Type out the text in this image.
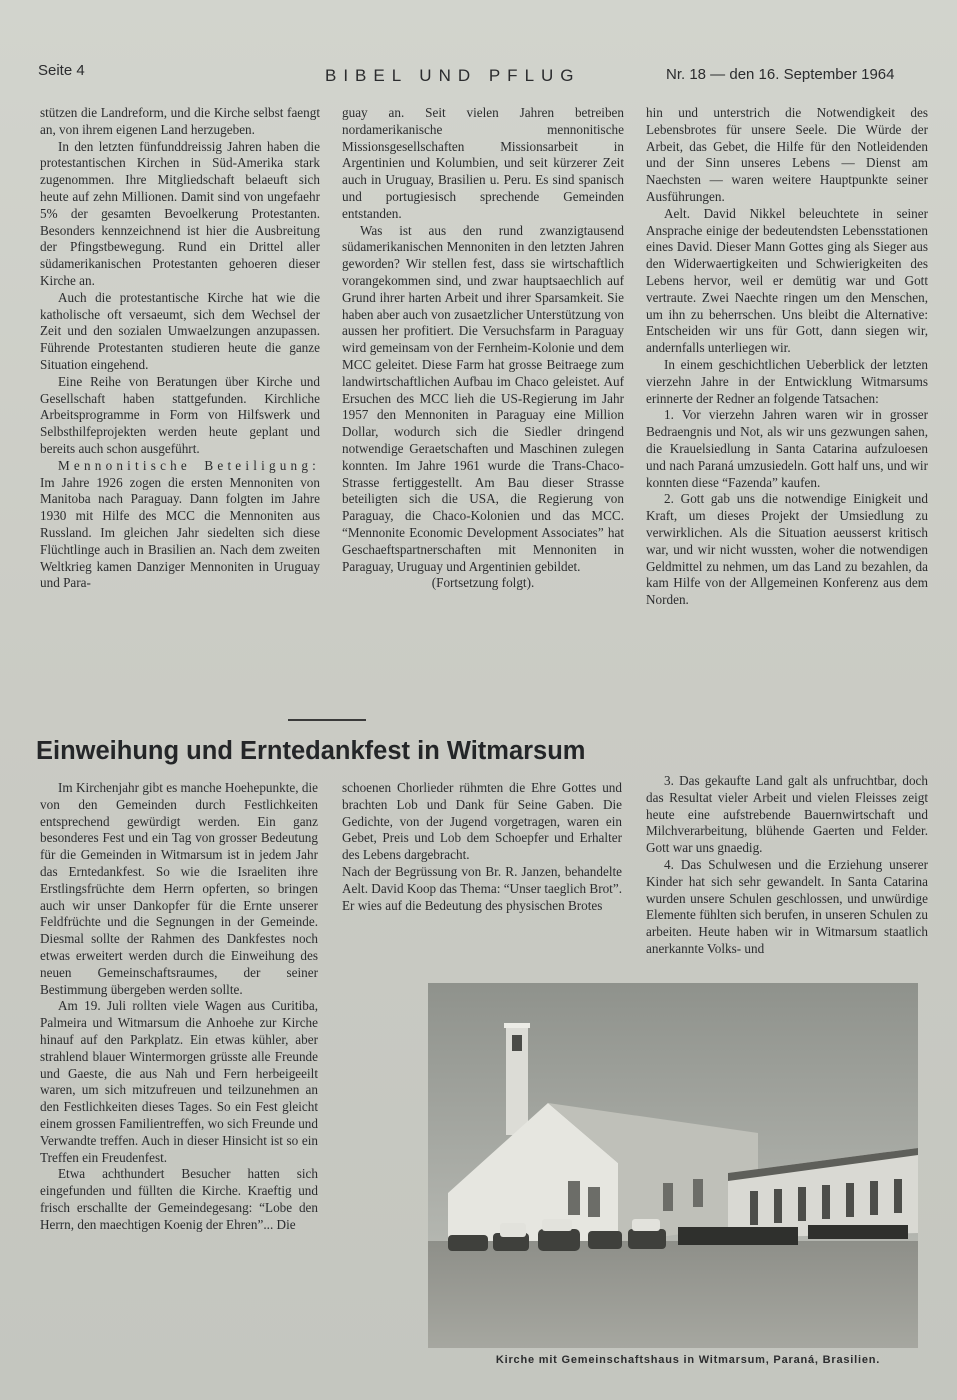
Seite 4	BIBEL UND PFLUG	Nr. 18 — den 16. September 1964

stützen die Landreform, und die Kirche selbst faengt an, von ihrem eigenen Land herzugeben.

In den letzten fünfunddreissig Jahren haben die protestantischen Kirchen in Süd-Amerika stark zugenommen. Ihre Mitgliedschaft belaeuft sich heute auf zehn Millionen. Damit sind von ungefaehr 5% der gesamten Bevoelkerung Protestanten. Besonders kennzeichnend ist hier die Ausbreitung der Pfingstbewegung. Rund ein Drittel aller südamerikanischen Protestanten gehoeren dieser Kirche an.

Auch die protestantische Kirche hat wie die katholische oft versaeumt, sich dem Wechsel der Zeit und den sozialen Umwaelzungen anzupassen. Führende Protestanten studieren heute die ganze Situation eingehend.

Eine Reihe von Beratungen über Kirche und Gesellschaft haben stattgefunden. Kirchliche Arbeitsprogramme in Form von Hilfswerk und Selbsthilfeprojekten werden heute geplant und bereits auch schon ausgeführt.

Mennonitische Beteiligung: Im Jahre 1926 zogen die ersten Mennoniten von Manitoba nach Paraguay. Dann folgten im Jahre 1930 mit Hilfe des MCC die Mennoniten aus Russland. Im gleichen Jahr siedelten sich diese Flüchtlinge auch in Brasilien an. Nach dem zweiten Weltkrieg kamen Danziger Mennoniten in Uruguay und Para-

guay an. Seit vielen Jahren betreiben nordamerikanische mennonitische Missionsgesellschaften Missionsarbeit in Argentinien und Kolumbien, und seit kürzerer Zeit auch in Uruguay, Brasilien u. Peru. Es sind spanisch und portugiesisch sprechende Gemeinden entstanden.

Was ist aus den rund zwanzigtausend südamerikanischen Mennoniten in den letzten Jahren geworden? Wir stellen fest, dass sie wirtschaftlich vorangekommen sind, und zwar hauptsaechlich auf Grund ihrer harten Arbeit und ihrer Sparsamkeit. Sie haben aber auch von zusaetzlicher Unterstützung von aussen her profitiert. Die Versuchsfarm in Paraguay wird gemeinsam von der Fernheim-Kolonie und dem MCC geleitet. Diese Farm hat grosse Beitraege zum landwirtschaftlichen Aufbau im Chaco geleistet. Auf Ersuchen des MCC lieh die US-Regierung im Jahr 1957 den Mennoniten in Paraguay eine Million Dollar, wodurch sich die Siedler dringend notwendige Geraetschaften und Maschinen zulegen konnten. Im Jahre 1961 wurde die Trans-Chaco-Strasse fertiggestellt. Am Bau dieser Strasse beteiligten sich die USA, die Regierung von Paraguay, die Chaco-Kolonien und das MCC. “Mennonite Economic Development Associates” hat Geschaeftspartnerschaften mit Mennoniten in Paraguay, Uruguay und Argentinien gebildet.

(Fortsetzung folgt).

hin und unterstrich die Notwendigkeit des Lebensbrotes für unsere Seele. Die Würde der Arbeit, das Gebet, die Hilfe für den Notleidenden und der Sinn unseres Lebens — Dienst am Naechsten — waren weitere Hauptpunkte seiner Ausführungen.

Aelt. David Nikkel beleuchtete in seiner Ansprache einige der bedeutendsten Lebensstationen eines David. Dieser Mann Gottes ging als Sieger aus den Widerwaertigkeiten und Schwierigkeiten des Lebens hervor, weil er demütig war und Gott vertraute. Zwei Naechte ringen um den Menschen, um ihn zu beherrschen. Uns bleibt die Alternative: Entscheiden wir uns für Gott, dann siegen wir, andernfalls unterliegen wir.

In einem geschichtlichen Ueberblick der letzten vierzehn Jahre in der Entwicklung Witmarsums erinnerte der Redner an folgende Tatsachen:

1. Vor vierzehn Jahren waren wir in grosser Bedraengnis und Not, als wir uns gezwungen sahen, die Krauelsiedlung in Santa Catarina aufzuloesen und nach Paraná umzusiedeln. Gott half uns, und wir konnten diese “Fazenda” kaufen.

2. Gott gab uns die notwendige Einigkeit und Kraft, um dieses Projekt der Umsiedlung zu verwirklichen. Als die Situation aeusserst kritisch war, und wir nicht wussten, woher die notwendigen Geldmittel zu nehmen, um das Land zu bezahlen, da kam Hilfe von der Allgemeinen Konferenz aus dem Norden.

Einweihung und Erntedankfest in Witmarsum

Im Kirchenjahr gibt es manche Hoehepunkte, die von den Gemeinden durch Festlichkeiten entsprechend gewürdigt werden. Ein ganz besonderes Fest und ein Tag von grosser Bedeutung für die Gemeinden in Witmarsum ist in jedem Jahr das Erntedankfest. So wie die Israeliten ihre Erstlingsfrüchte dem Herrn opferten, so bringen auch wir unser Dankopfer für die Ernte unserer Feldfrüchte und die Segnungen in der Gemeinde. Diesmal sollte der Rahmen des Dankfestes noch etwas erweitert werden durch die Einweihung des neuen Gemeinschaftsraumes, der seiner Bestimmung übergeben werden sollte.

Am 19. Juli rollten viele Wagen aus Curitiba, Palmeira und Witmarsum die Anhoehe zur Kirche hinauf auf den Parkplatz. Ein etwas kühler, aber strahlend blauer Wintermorgen grüsste alle Freunde und Gaeste, die aus Nah und Fern herbeigeeilt waren, um sich mitzufreuen und teilzunehmen an den Festlichkeiten dieses Tages. So ein Fest gleicht einem grossen Familientreffen, wo sich Freunde und Verwandte treffen. Auch in dieser Hinsicht ist so ein Treffen ein Freudenfest.

Etwa achthundert Besucher hatten sich eingefunden und füllten die Kirche. Kraeftig und frisch erschallte der Gemeindegesang: “Lobe den Herrn, den maechtigen Koenig der Ehren”... Die

schoenen Chorlieder rühmten die Ehre Gottes und brachten Lob und Dank für Seine Gaben. Die Gedichte, von der Jugend vorgetragen, waren ein Gebet, Preis und Lob dem Schoepfer und Erhalter des Lebens dargebracht.

Nach der Begrüssung von Br. R. Janzen, behandelte Aelt. David Koop das Thema: “Unser taeglich Brot”. Er wies auf die Bedeutung des physischen Brotes

3. Das gekaufte Land galt als unfruchtbar, doch das Resultat vieler Arbeit und vielen Fleisses zeigt heute eine aufstrebende Bauernwirtschaft und Milchverarbeitung, blühende Gaerten und Felder. Gott war uns gnaedig.

4. Das Schulwesen und die Erziehung unserer Kinder hat sich sehr gewandelt. In Santa Catarina wurden unsere Schulen geschlossen, und unwürdige Elemente fühlten sich berufen, in unseren Schulen zu arbeiten. Heute haben wir in Witmarsum staatlich anerkannte Volks- und

Kirche mit Gemeinschaftshaus in Witmarsum, Paraná, Brasilien.
